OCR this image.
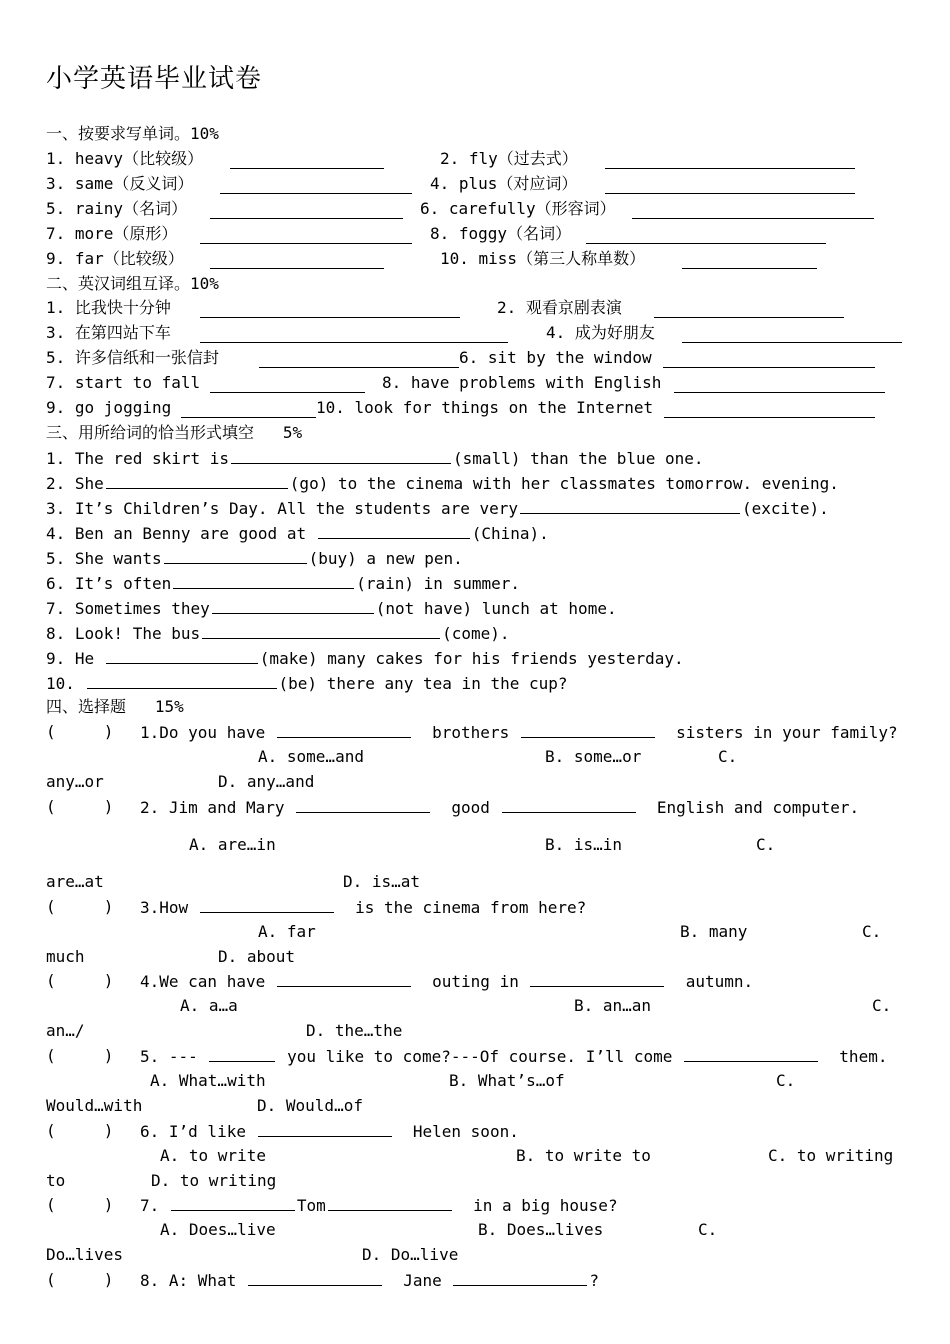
小学英语毕业试卷
一、按要求写单词。10%
1. heavy（比较级）	2. fly（过去式）
3. same（反义词）	4. plus（对应词）
5. rainy（名词）	6. carefully（形容词）
7. more（原形）	8. foggy（名词）
9. far（比较级）	10. miss（第三人称单数）
二、英汉词组互译。10%
1. 比我快十分钟	2. 观看京剧表演
3. 在第四站下车	4. 成为好朋友
5. 许多信纸和一张信封	6. sit by the window
7. start to fall	8. have problems with English
9. go jogging	10. look for things on the Internet
三、用所给词的恰当形式填空   5%
1. The red skirt is	(small) than the blue one.
2. She	(go) to the cinema with her classmates tomorrow. evening.
3. It’s Children’s Day. All the students are very	(excite).
4. Ben an Benny are good at	(China).
5. She wants	(buy) a new pen.
6. It’s often	(rain) in summer.
7. Sometimes they	(not have) lunch at home.
8. Look! The bus	(come).
9. He	(make) many cakes for his friends yesterday.
10.	(be) there any tea in the cup?
四、选择题   15%
(     ) 1.Do you have	brothers	sisters in your family?
A. some…and	B. some…or	C.
any…or	D. any…and
(     ) 2. Jim and Mary	good	English and computer.
A. are…in	B. is…in	C.
are…at	D. is…at
(     ) 3.How	is the cinema from here?
A. far	B. many	C.
much	D. about
(     ) 4.We can have	outing in	autumn.
A. a…a	B. an…an	C.
an…/	D. the…the
(     ) 5. ---	you like to come?---Of course. I’ll come	them.
A. What…with	B. What’s…of	C.
Would…with	D. Would…of
(     ) 6. I’d like	Helen soon.
A. to write	B. to write to	C. to writing
to	D. to writing
(     ) 7.	Tom	in a big house?
A. Does…live	B. Does…lives	C.
Do…lives	D. Do…live
(     ) 8. A: What	Jane	?
